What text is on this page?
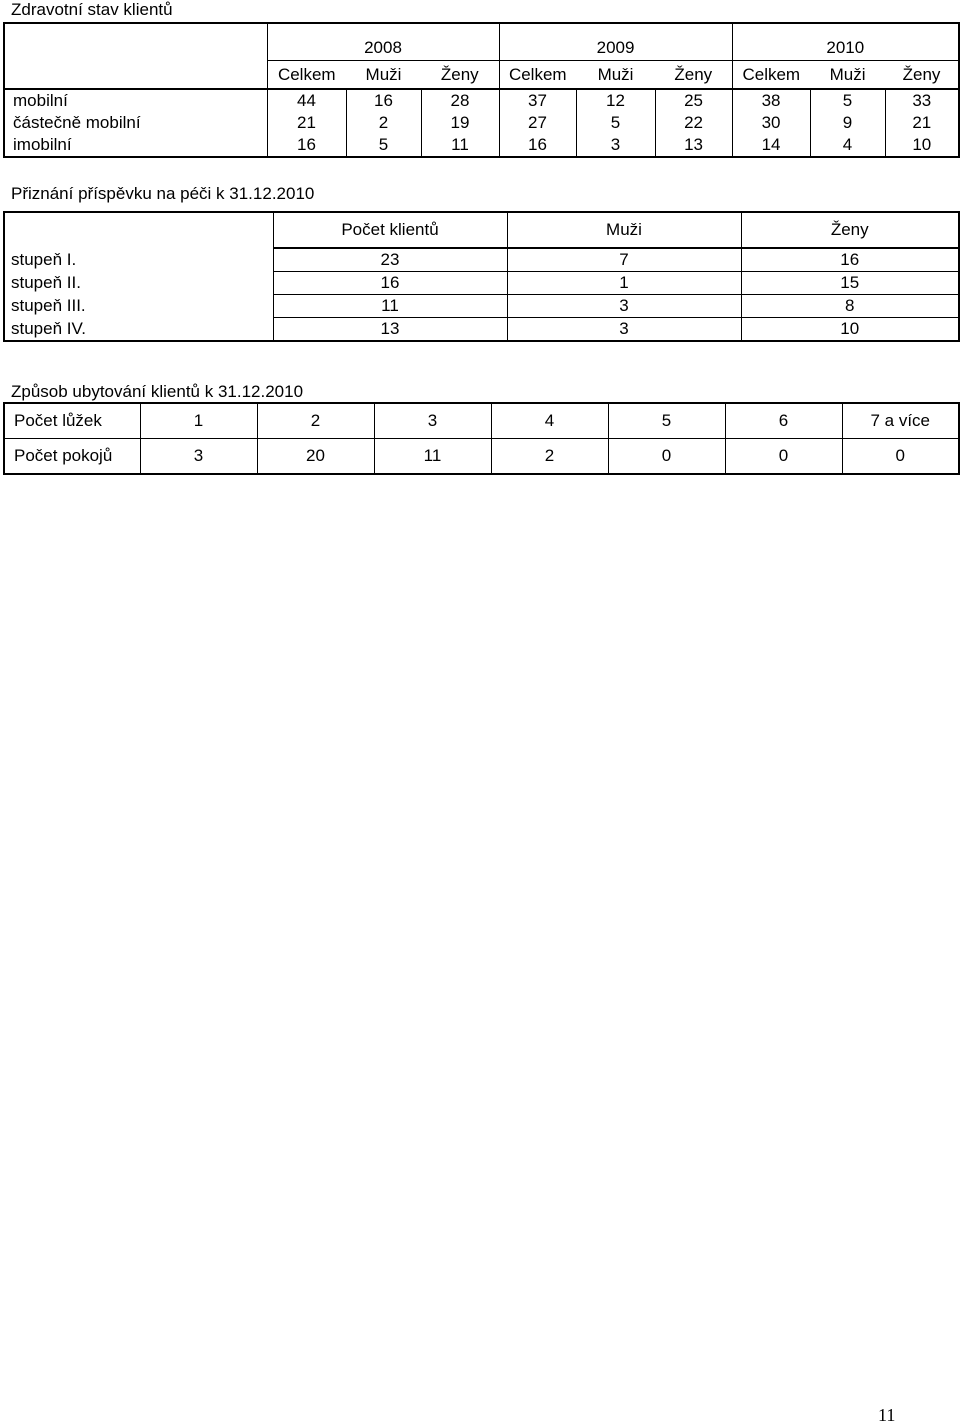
Zdravotní stav klientů
	2008			2009			2010		
	Celkem	Muži	Ženy	Celkem	Muži	Ženy	Celkem	Muži	Ženy
mobilní	44	16	28	37	12	25	38	5	33
částečně mobilní	21	2	19	27	5	22	30	9	21
imobilní	16	5	11	16	3	13	14	4	10
Přiznání příspěvku na péči k 31.12.2010
	Počet klientů	Muži	Ženy
stupeň I.	23	7	16
stupeň II.	16	1	15
stupeň III.	11	3	8
stupeň IV.	13	3	10
Způsob ubytování klientů k 31.12.2010
Počet lůžek	1	2	3	4	5	6	7 a více
Počet pokojů	3	20	11	2	0	0	0
11
